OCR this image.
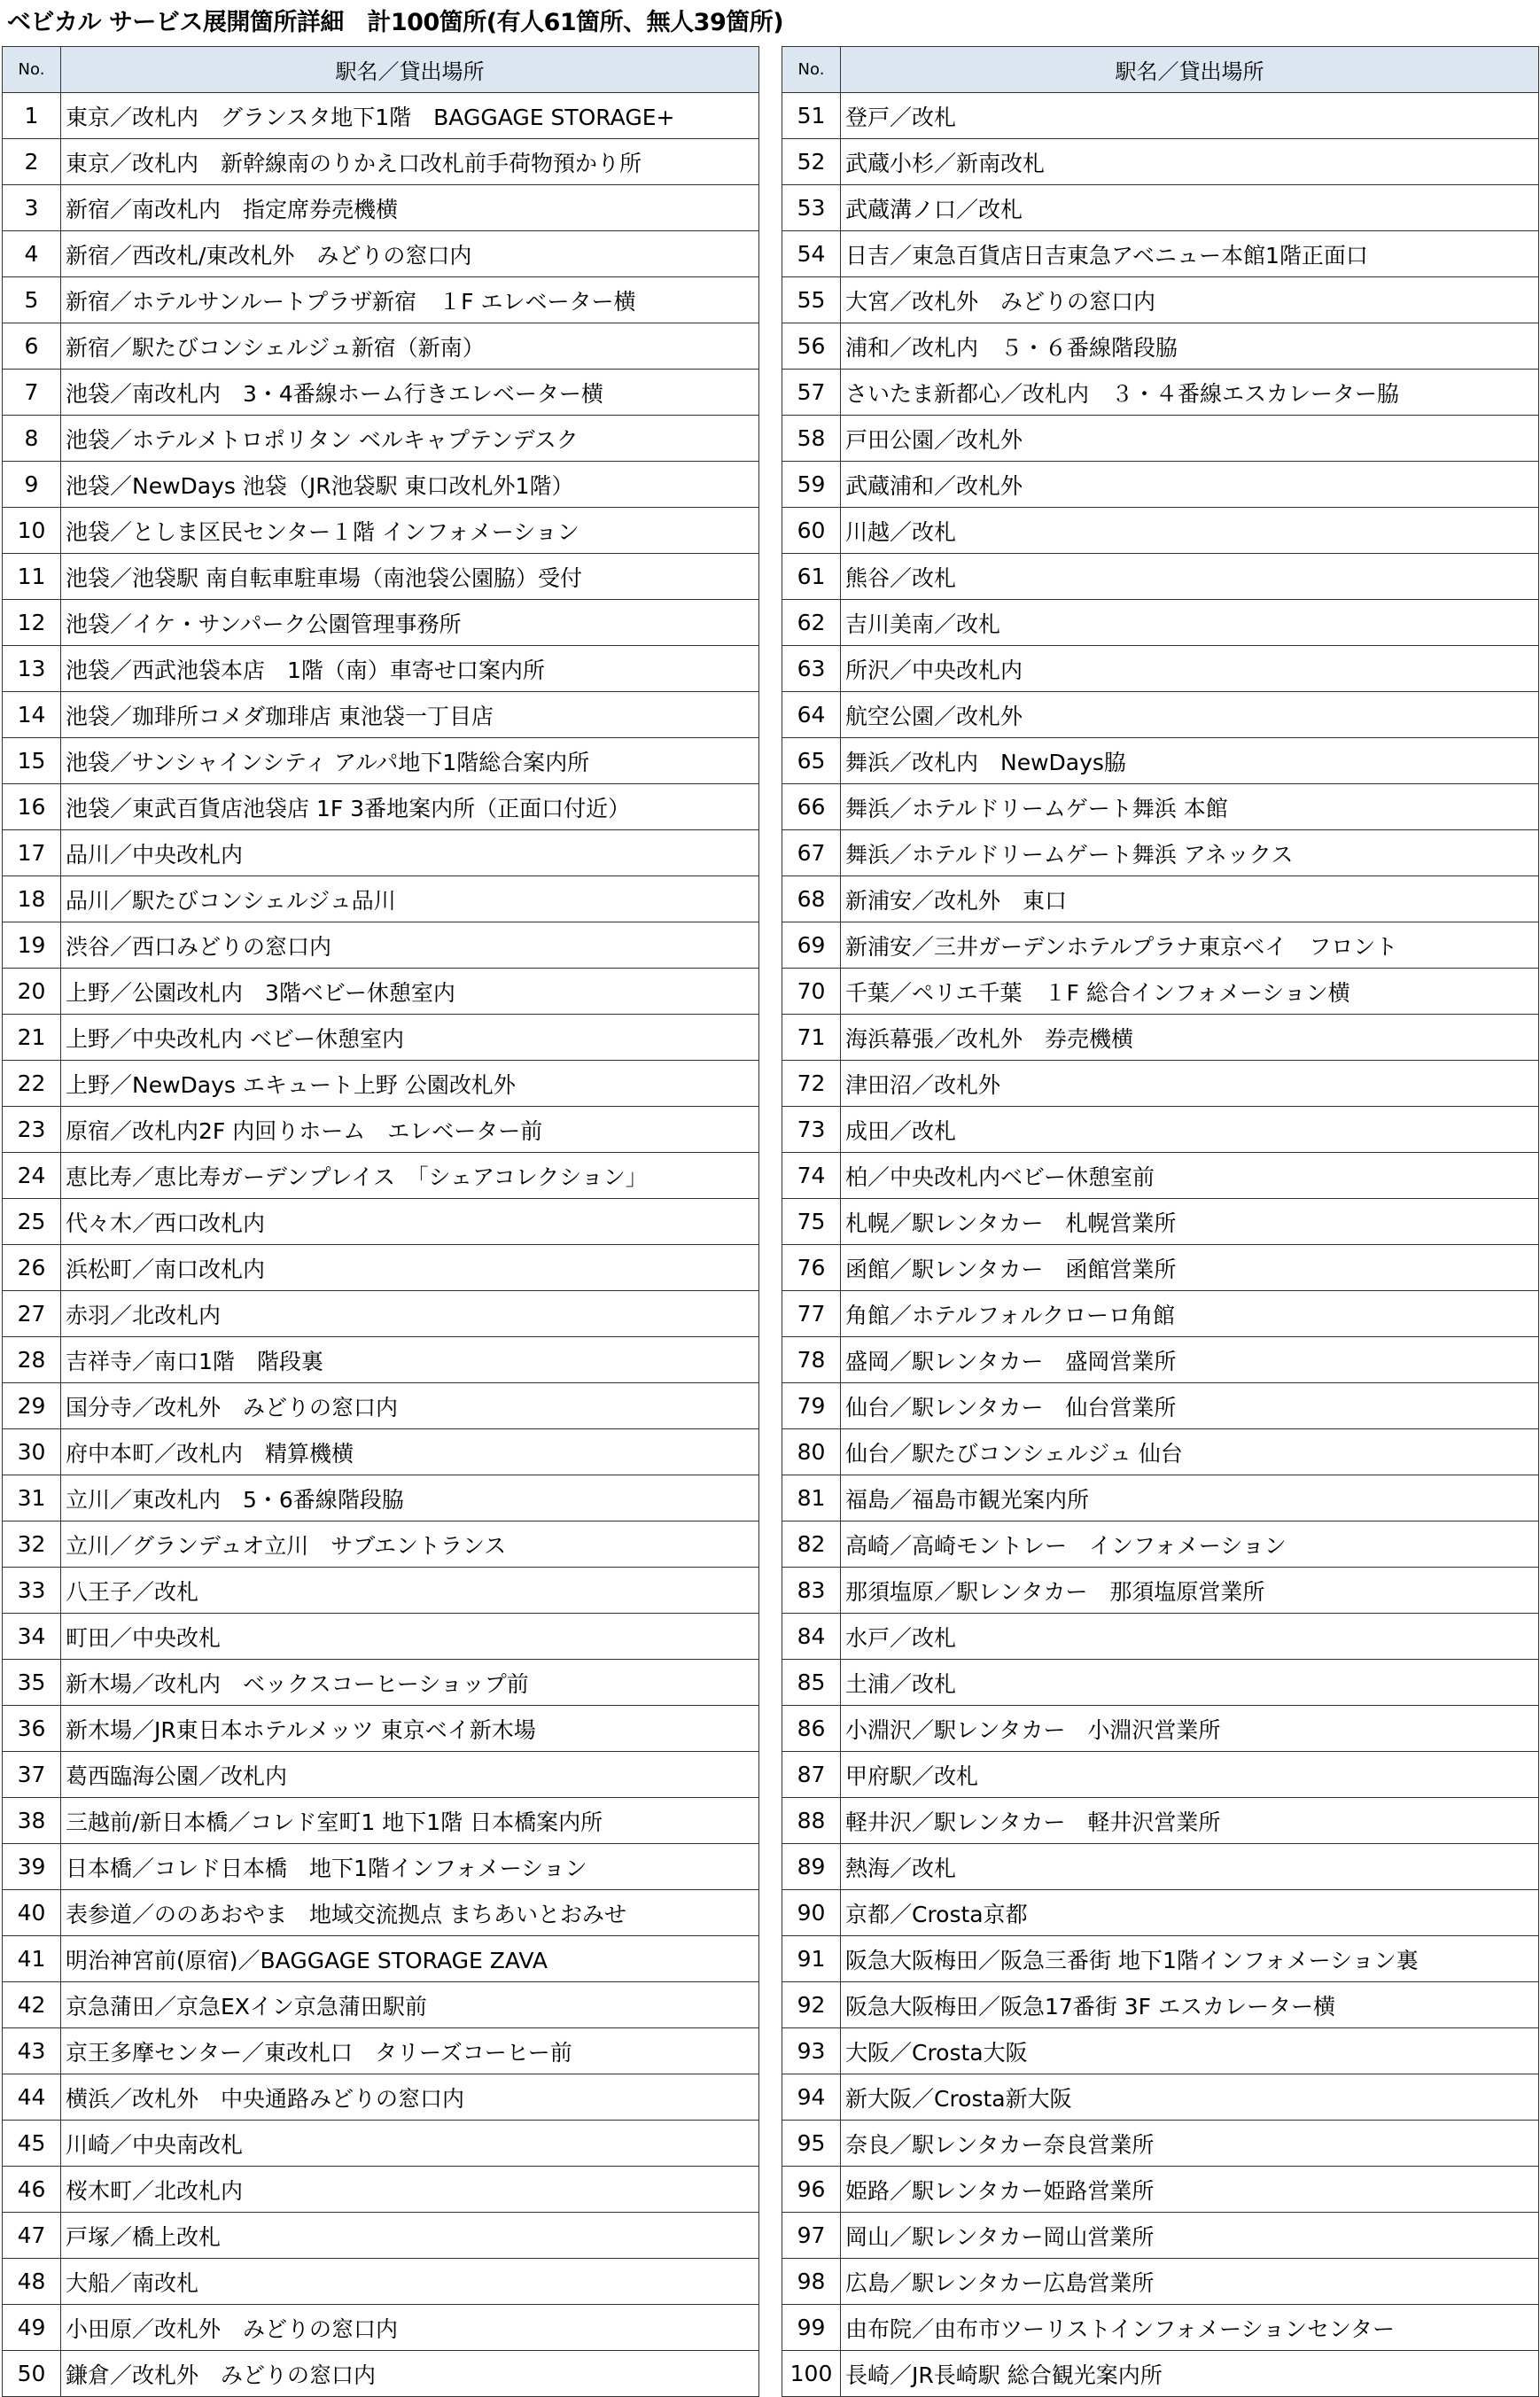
ベビカル サービス展開箇所詳細　計100箇所(有人61箇所、無人39箇所)
No.	駅名／貸出場所
1	東京／改札内　グランスタ地下1階　BAGGAGE STORAGE+
2	東京／改札内　新幹線南のりかえ口改札前手荷物預かり所
3	新宿／南改札内　指定席券売機横
4	新宿／西改札/東改札外　みどりの窓口内
5	新宿／ホテルサンルートプラザ新宿　１F エレベーター横
6	新宿／駅たびコンシェルジュ新宿（新南）
7	池袋／南改札内　3・4番線ホーム行きエレベーター横
8	池袋／ホテルメトロポリタン ベルキャプテンデスク
9	池袋／NewDays 池袋（JR池袋駅 東口改札外1階）
10	池袋／としま区民センター１階 インフォメーション
11	池袋／池袋駅 南自転車駐車場（南池袋公園脇）受付
12	池袋／イケ・サンパーク公園管理事務所
13	池袋／西武池袋本店　1階（南）車寄せ口案内所
14	池袋／珈琲所コメダ珈琲店 東池袋一丁目店
15	池袋／サンシャインシティ アルパ地下1階総合案内所
16	池袋／東武百貨店池袋店 1F 3番地案内所（正面口付近）
17	品川／中央改札内
18	品川／駅たびコンシェルジュ品川
19	渋谷／西口みどりの窓口内
20	上野／公園改札内　3階ベビー休憩室内
21	上野／中央改札内 ベビー休憩室内
22	上野／NewDays エキュート上野 公園改札外
23	原宿／改札内2F 内回りホーム　エレベーター前
24	恵比寿／恵比寿ガーデンプレイス　「シェアコレクション」
25	代々木／西口改札内
26	浜松町／南口改札内
27	赤羽／北改札内
28	吉祥寺／南口1階　階段裏
29	国分寺／改札外　みどりの窓口内
30	府中本町／改札内　精算機横
31	立川／東改札内　5・6番線階段脇
32	立川／グランデュオ立川　サブエントランス
33	八王子／改札
34	町田／中央改札
35	新木場／改札内　ベックスコーヒーショップ前
36	新木場／JR東日本ホテルメッツ 東京ベイ新木場
37	葛西臨海公園／改札内
38	三越前/新日本橋／コレド室町1 地下1階 日本橋案内所
39	日本橋／コレド日本橋　地下1階インフォメーション
40	表参道／ののあおやま　地域交流拠点 まちあいとおみせ
41	明治神宮前(原宿)／BAGGAGE STORAGE ZAVA
42	京急蒲田／京急EXイン京急蒲田駅前
43	京王多摩センター／東改札口　タリーズコーヒー前
44	横浜／改札外　中央通路みどりの窓口内
45	川崎／中央南改札
46	桜木町／北改札内
47	戸塚／橋上改札
48	大船／南改札
49	小田原／改札外　みどりの窓口内
50	鎌倉／改札外　みどりの窓口内
No.	駅名／貸出場所
51	登戸／改札
52	武蔵小杉／新南改札
53	武蔵溝ノ口／改札
54	日吉／東急百貨店日吉東急アベニュー本館1階正面口
55	大宮／改札外　みどりの窓口内
56	浦和／改札内　５・６番線階段脇
57	さいたま新都心／改札内　３・４番線エスカレーター脇
58	戸田公園／改札外
59	武蔵浦和／改札外
60	川越／改札
61	熊谷／改札
62	吉川美南／改札
63	所沢／中央改札内
64	航空公園／改札外
65	舞浜／改札内　NewDays脇
66	舞浜／ホテルドリームゲート舞浜 本館
67	舞浜／ホテルドリームゲート舞浜 アネックス
68	新浦安／改札外　東口
69	新浦安／三井ガーデンホテルプラナ東京ベイ　フロント
70	千葉／ペリエ千葉　１F 総合インフォメーション横
71	海浜幕張／改札外　券売機横
72	津田沼／改札外
73	成田／改札
74	柏／中央改札内ベビー休憩室前
75	札幌／駅レンタカー　札幌営業所
76	函館／駅レンタカー　函館営業所
77	角館／ホテルフォルクローロ角館
78	盛岡／駅レンタカー　盛岡営業所
79	仙台／駅レンタカー　仙台営業所
80	仙台／駅たびコンシェルジュ 仙台
81	福島／福島市観光案内所
82	高崎／高崎モントレー　インフォメーション
83	那須塩原／駅レンタカー　那須塩原営業所
84	水戸／改札
85	土浦／改札
86	小淵沢／駅レンタカー　小淵沢営業所
87	甲府駅／改札
88	軽井沢／駅レンタカー　軽井沢営業所
89	熱海／改札
90	京都／Crosta京都
91	阪急大阪梅田／阪急三番街 地下1階インフォメーション裏
92	阪急大阪梅田／阪急17番街 3F エスカレーター横
93	大阪／Crosta大阪
94	新大阪／Crosta新大阪
95	奈良／駅レンタカー奈良営業所
96	姫路／駅レンタカー姫路営業所
97	岡山／駅レンタカー岡山営業所
98	広島／駅レンタカー広島営業所
99	由布院／由布市ツーリストインフォメーションセンター
100	長崎／JR長崎駅 総合観光案内所
